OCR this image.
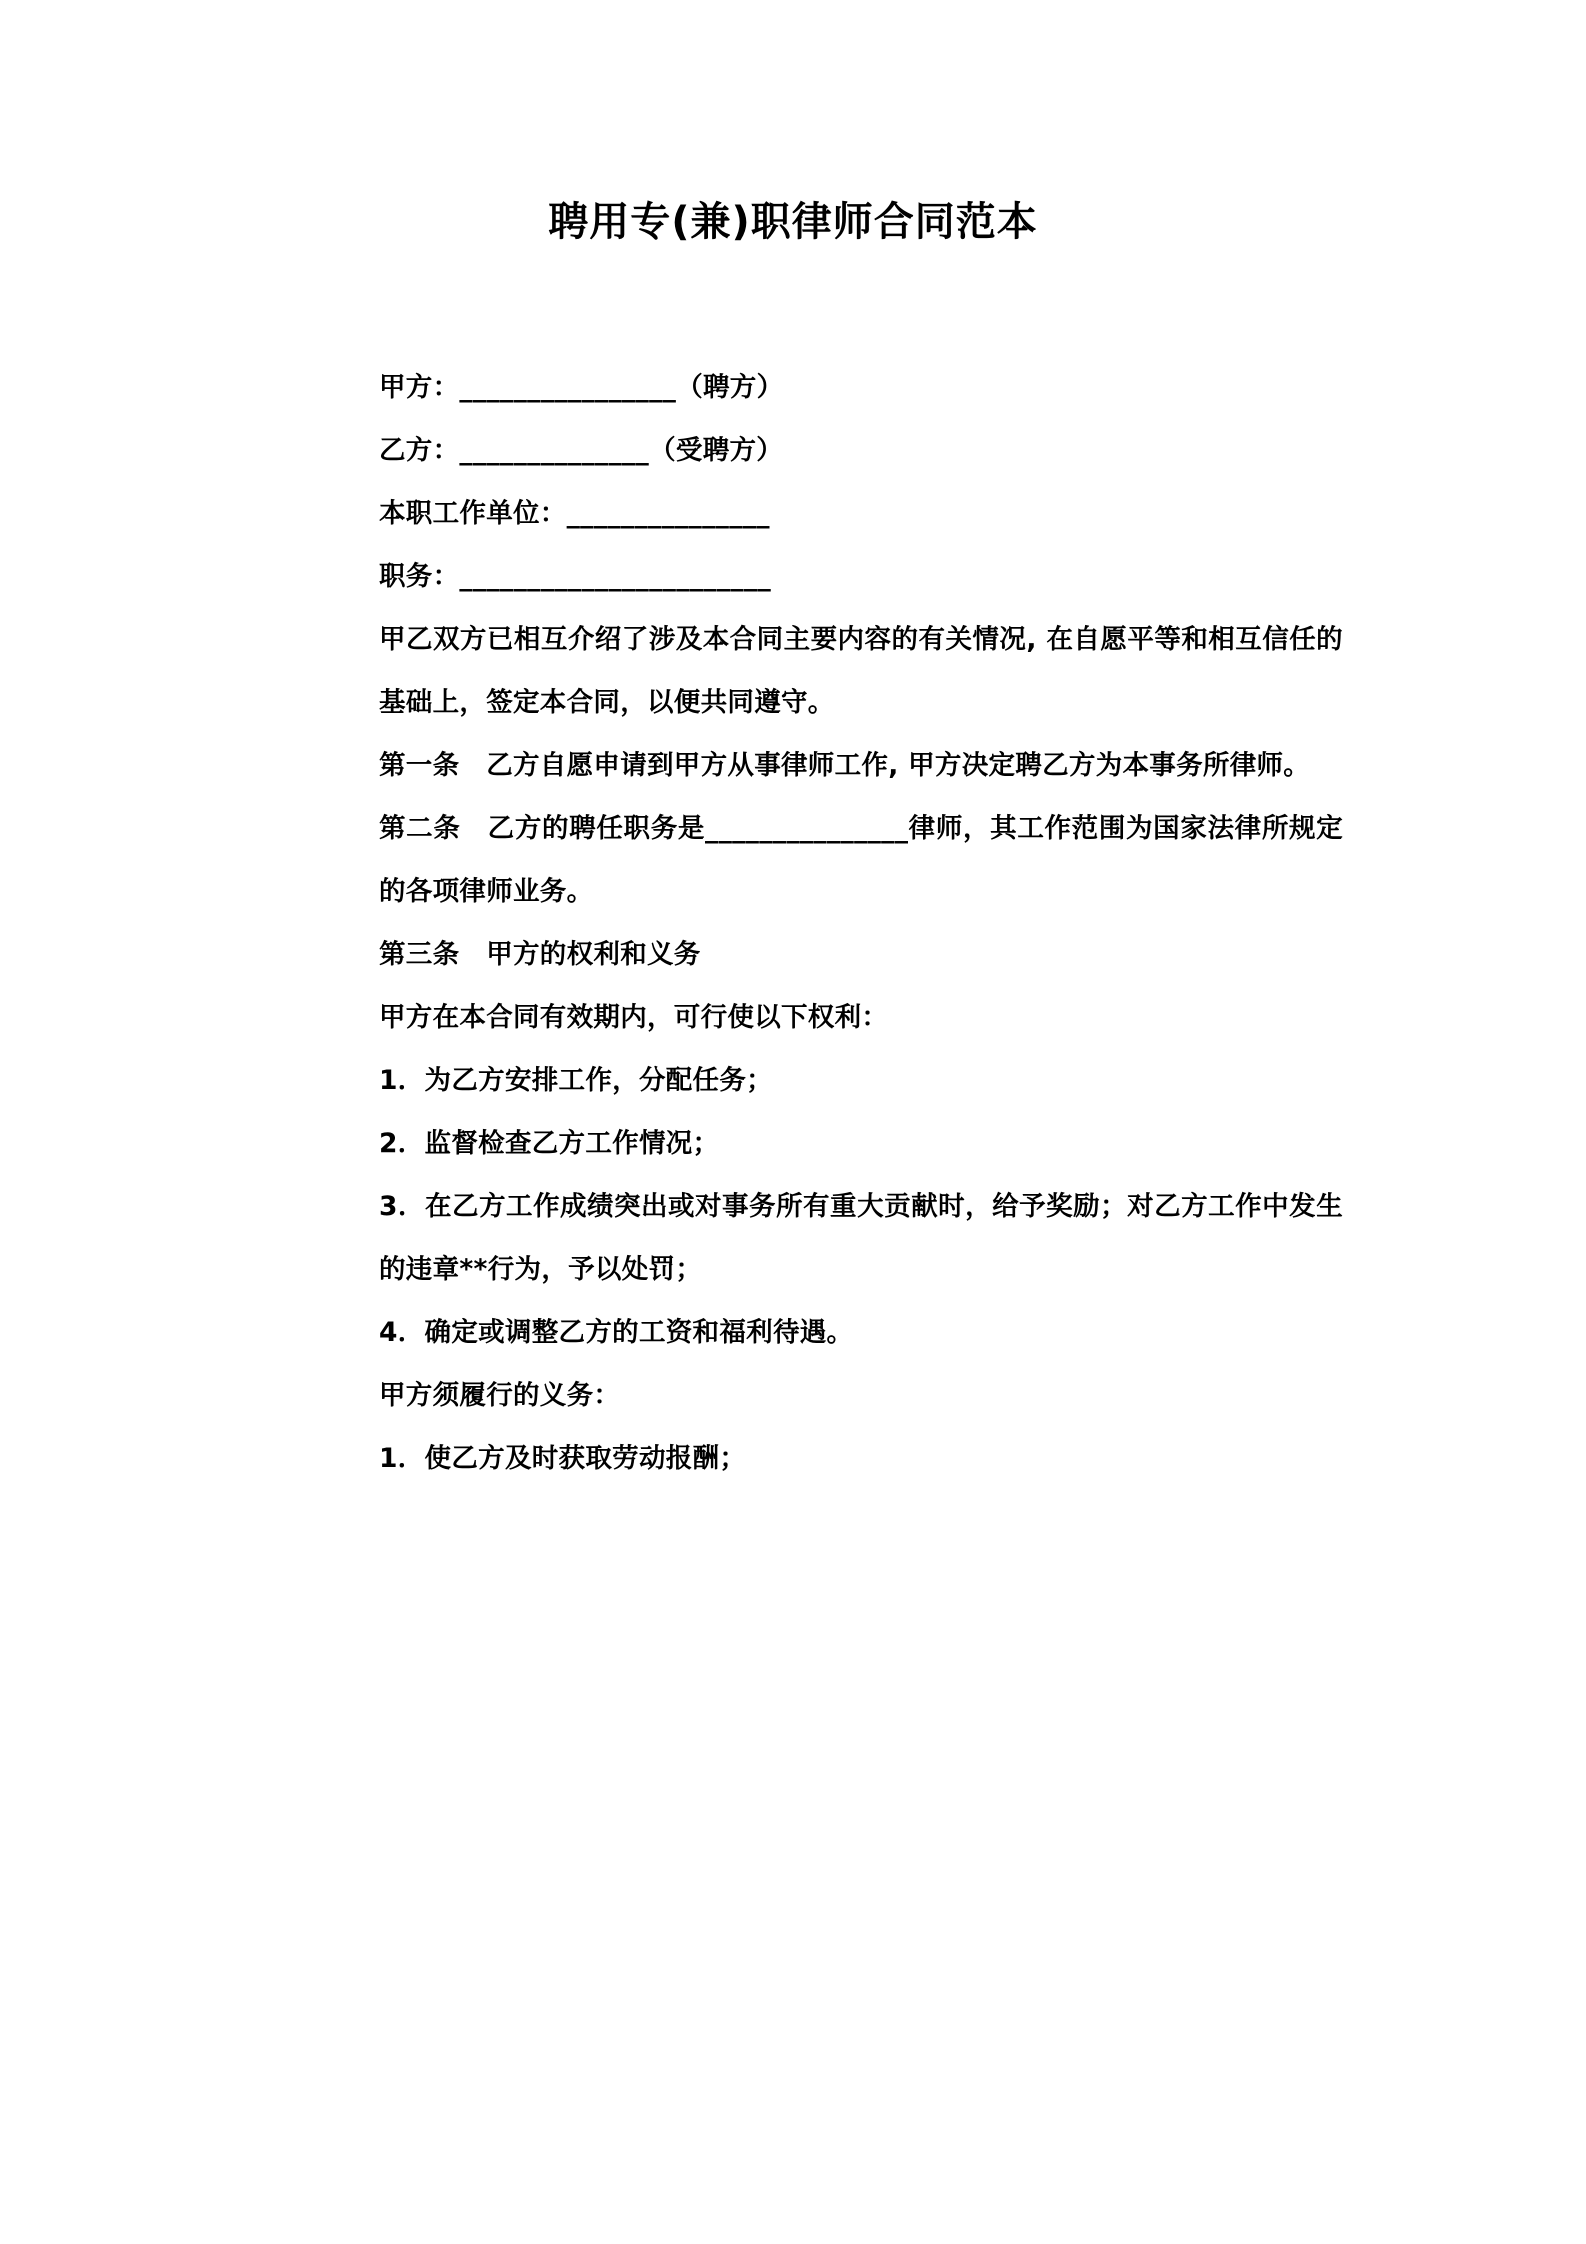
聘用专(兼)职律师合同范本

甲方：________________（聘方）

乙方：______________（受聘方）

本职工作单位：_______________

职务：_______________________

甲乙双方已相互介绍了涉及本合同主要内容的有关情况, 在自愿平等和相互信任的基础上，签定本合同，以便共同遵守。

第一条　乙方自愿申请到甲方从事律师工作, 甲方决定聘乙方为本事务所律师。

第二条　乙方的聘任职务是_______________律师，其工作范围为国家法律所规定的各项律师业务。

第三条　甲方的权利和义务

甲方在本合同有效期内，可行使以下权利：

1．为乙方安排工作，分配任务；

2．监督检查乙方工作情况；

3．在乙方工作成绩突出或对事务所有重大贡献时，给予奖励；对乙方工作中发生的违章**行为，予以处罚；

4．确定或调整乙方的工资和福利待遇。

甲方须履行的义务：

1．使乙方及时获取劳动报酬；
